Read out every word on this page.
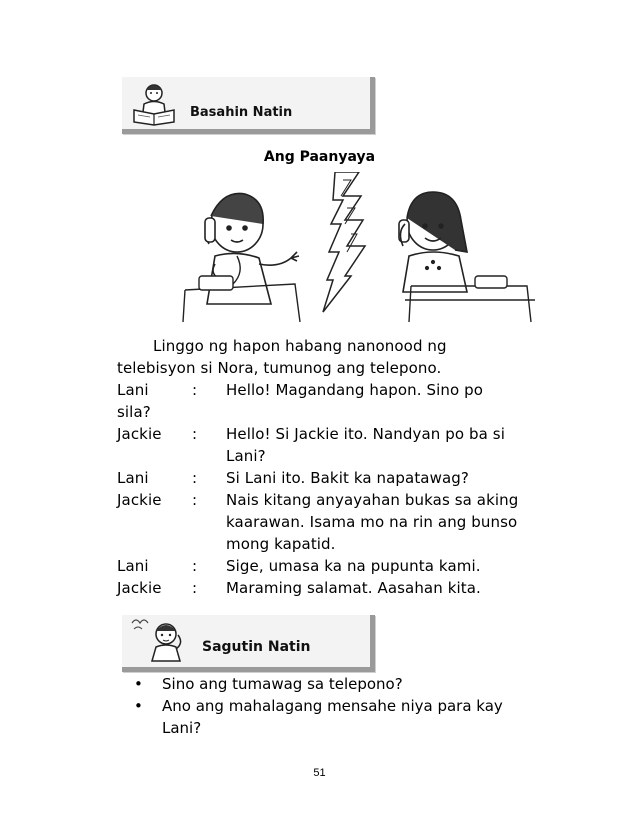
Basahin Natin
Ang Paanyaya
Linggo ng hapon habang nanonood ng
telebisyon si Nora, tumunog ang telepono.
Lani	: Hello! Magandang hapon. Sino po
sila?
Jackie : Hello! Si Jackie ito. Nandyan po ba si
Lani?
Lani	: Si Lani ito. Bakit ka napatawag?
Jackie : Nais kitang anyayahan bukas sa aking
kaarawan. Isama mo na rin ang bunso
mong kapatid.
Lani	: Sige, umasa ka na pupunta kami.
Jackie : Maraming salamat. Aasahan kita.
Sagutin Natin
• Sino ang tumawag sa telepono?
• Ano ang mahalagang mensahe niya para kay
Lani?
51
